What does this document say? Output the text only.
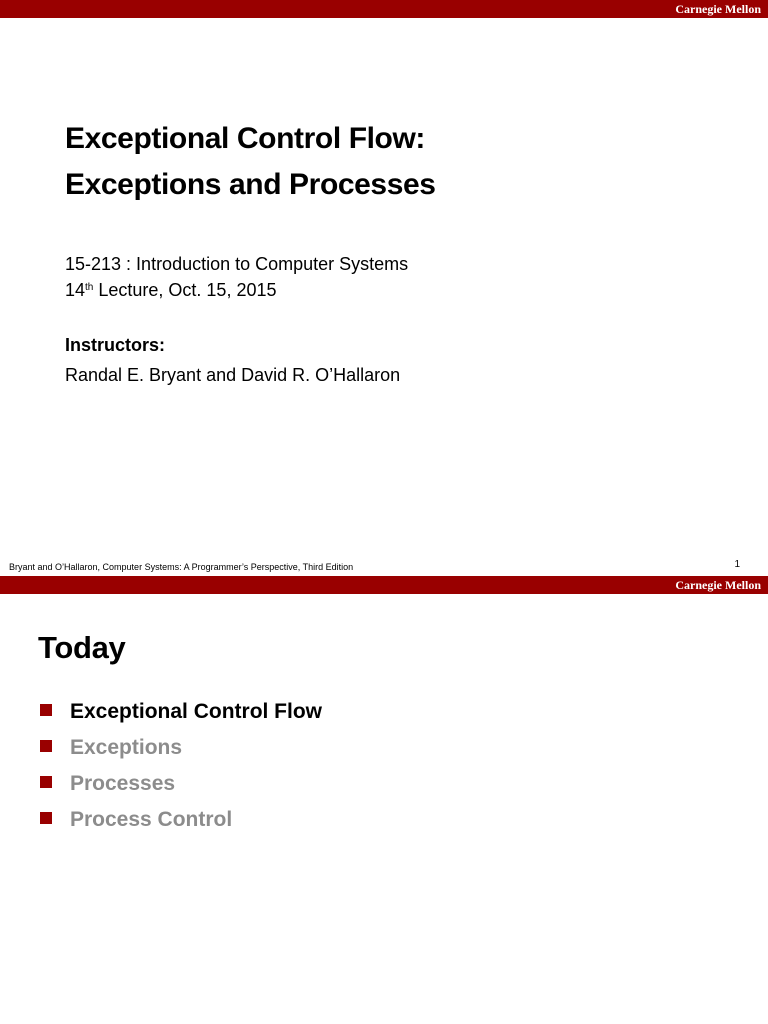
Carnegie Mellon
Exceptional Control Flow:
Exceptions and Processes
15-213 : Introduction to Computer Systems
14th Lecture, Oct. 15, 2015
Instructors:
Randal E. Bryant and David R. O’Hallaron
Bryant and O’Hallaron, Computer Systems: A Programmer’s Perspective, Third Edition	1
Carnegie Mellon
Today
Exceptional Control Flow
Exceptions
Processes
Process Control
